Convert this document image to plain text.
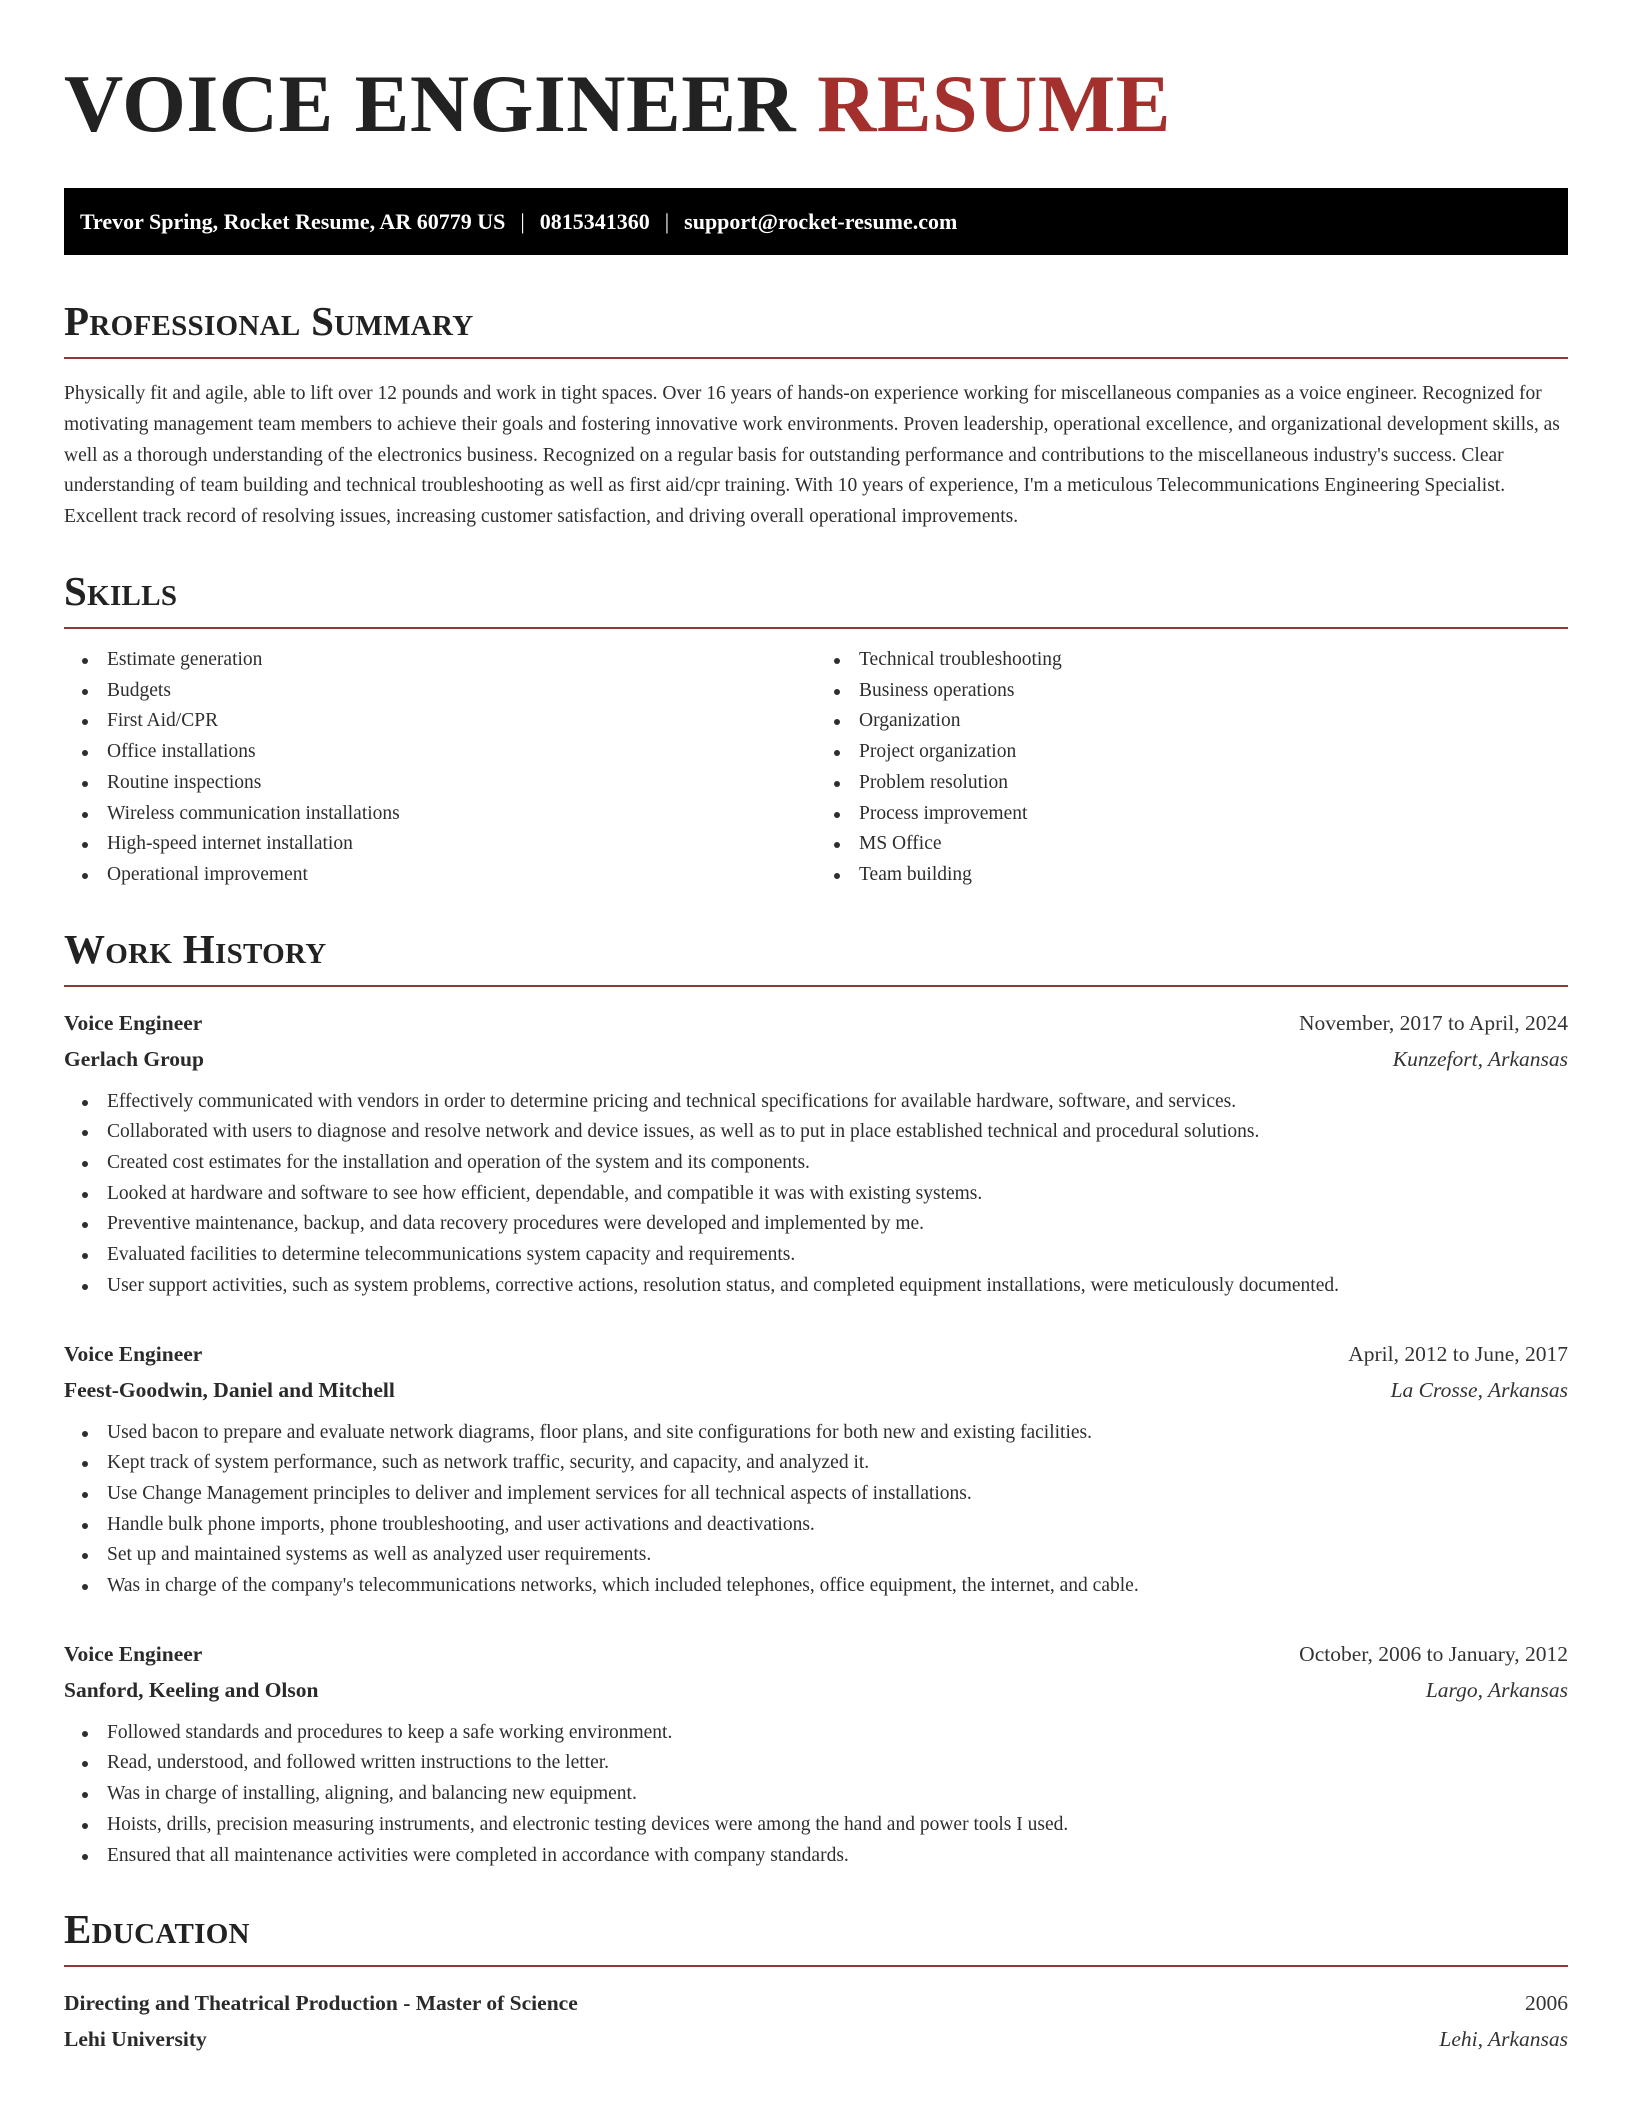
VOICE ENGINEER RESUME
Trevor Spring, Rocket Resume, AR 60779 US | 0815341360 | support@rocket-resume.com
Professional Summary

Physically fit and agile, able to lift over 12 pounds and work in tight spaces. Over 16 years of hands-on experience working for miscellaneous companies as a voice engineer. Recognized for motivating management team members to achieve their goals and fostering innovative work environments. Proven leadership, operational excellence, and organizational development skills, as well as a thorough understanding of the electronics business. Recognized on a regular basis for outstanding performance and contributions to the miscellaneous industry's success. Clear understanding of team building and technical troubleshooting as well as first aid/cpr training. With 10 years of experience, I'm a meticulous Telecommunications Engineering Specialist. Excellent track record of resolving issues, increasing customer satisfaction, and driving overall operational improvements.

Skills
Estimate generation
Budgets
First Aid/CPR
Office installations
Routine inspections
Wireless communication installations
High-speed internet installation
Operational improvement
Technical troubleshooting
Business operations
Organization
Project organization
Problem resolution
Process improvement
MS Office
Team building
Work History
Voice Engineer	November, 2017 to April, 2024
Gerlach Group	Kunzefort, Arkansas
Effectively communicated with vendors in order to determine pricing and technical specifications for available hardware, software, and services.
Collaborated with users to diagnose and resolve network and device issues, as well as to put in place established technical and procedural solutions.
Created cost estimates for the installation and operation of the system and its components.
Looked at hardware and software to see how efficient, dependable, and compatible it was with existing systems.
Preventive maintenance, backup, and data recovery procedures were developed and implemented by me.
Evaluated facilities to determine telecommunications system capacity and requirements.
User support activities, such as system problems, corrective actions, resolution status, and completed equipment installations, were meticulously documented.
Voice Engineer	April, 2012 to June, 2017
Feest-Goodwin, Daniel and Mitchell	La Crosse, Arkansas
Used bacon to prepare and evaluate network diagrams, floor plans, and site configurations for both new and existing facilities.
Kept track of system performance, such as network traffic, security, and capacity, and analyzed it.
Use Change Management principles to deliver and implement services for all technical aspects of installations.
Handle bulk phone imports, phone troubleshooting, and user activations and deactivations.
Set up and maintained systems as well as analyzed user requirements.
Was in charge of the company's telecommunications networks, which included telephones, office equipment, the internet, and cable.
Voice Engineer	October, 2006 to January, 2012
Sanford, Keeling and Olson	Largo, Arkansas
Followed standards and procedures to keep a safe working environment.
Read, understood, and followed written instructions to the letter.
Was in charge of installing, aligning, and balancing new equipment.
Hoists, drills, precision measuring instruments, and electronic testing devices were among the hand and power tools I used.
Ensured that all maintenance activities were completed in accordance with company standards.
Education
Directing and Theatrical Production - Master of Science	2006
Lehi University	Lehi, Arkansas
